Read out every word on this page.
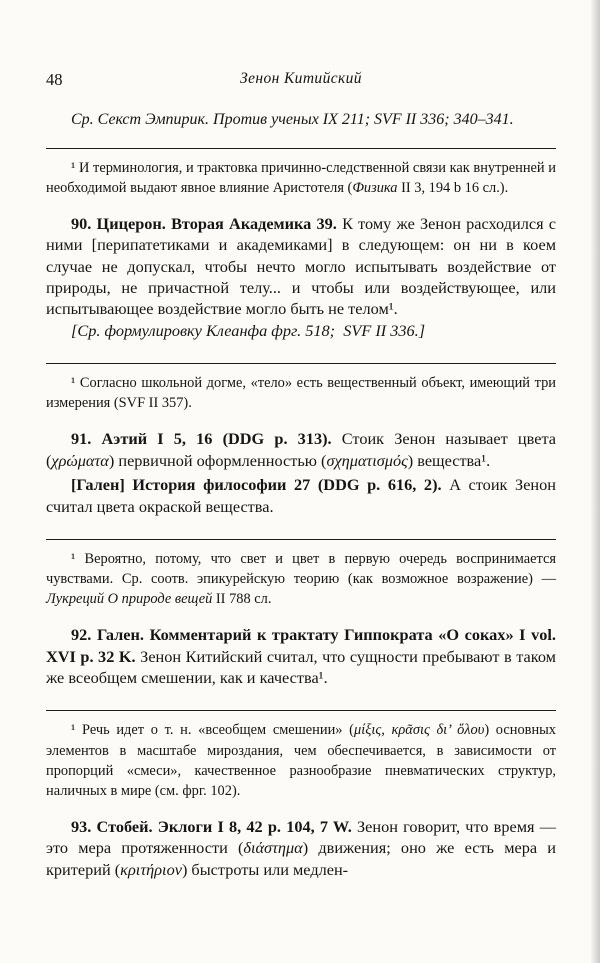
48	Зенон Китийский

Ср. Секст Эмпирик. Против ученых IX 211; SVF II 336; 340–341.

¹ И терминология, и трактовка причинно-следственной связи как внутренней и необходимой выдают явное влияние Аристотеля (Физика II 3, 194 b 16 сл.).

90. Цицерон. Вторая Академика 39. К тому же Зенон расходился с ними [перипатетиками и академиками] в следующем: он ни в коем случае не допускал, чтобы нечто могло испытывать воздействие от природы, не причастной телу... и чтобы или воздействующее, или испытывающее воздействие могло быть не телом¹.

[Ср. формулировку Клеанфа фрг. 518;  SVF II 336.]

¹ Согласно школьной догме, «тело» есть вещественный объект, имеющий три измерения (SVF II 357).

91. Аэтий I 5, 16 (DDG p. 313). Стоик Зенон называет цвета (χρώματα) первичной оформленностью (σχηματισμός) вещества¹.

[Гален] История философии 27 (DDG p. 616, 2). А стоик Зенон считал цвета окраской вещества.

¹ Вероятно, потому, что свет и цвет в первую очередь воспринимается чувствами. Ср. соотв. эпикурейскую теорию (как возможное возражение) — Лукреций О природе вещей II 788 сл.

92. Гален. Комментарий к трактату Гиппократа «О соках» I vol. XVI p. 32 K. Зенон Китийский считал, что сущности пребывают в таком же всеобщем смешении, как и качества¹.

¹ Речь идет о т. н. «всеобщем смешении» (μίξις, κρᾶσις δι’ ὅλου) основных элементов в масштабе мироздания, чем обеспечивается, в зависимости от пропорций «смеси», качественное разнообразие пневматических структур, наличных в мире (см. фрг. 102).

93. Стобей. Эклоги I 8, 42 p. 104, 7 W. Зенон говорит, что время — это мера протяженности (διάστημα) движения; оно же есть мера и критерий (κριτήριον) быстроты или медлен-
